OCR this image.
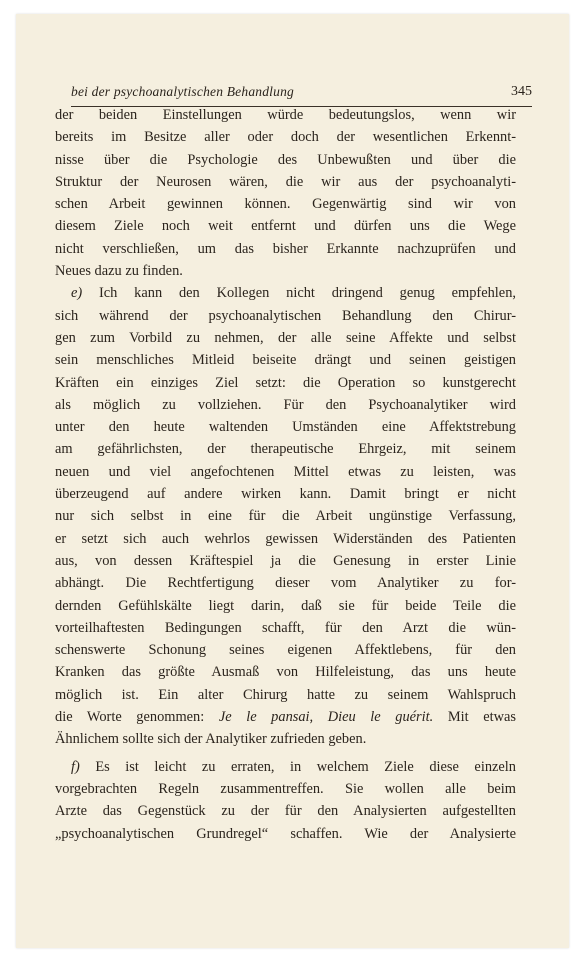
bei der psychoanalytischen Behandlung	345
der beiden Einstellungen würde bedeutungslos, wenn wir
bereits im Besitze aller oder doch der wesentlichen Erkennt-
nisse über die Psychologie des Unbewußten und über die
Struktur der Neurosen wären, die wir aus der psychoanalyti-
schen Arbeit gewinnen können. Gegenwärtig sind wir von
diesem Ziele noch weit entfernt und dürfen uns die Wege
nicht verschließen, um das bisher Erkannte nachzuprüfen und
Neues dazu zu finden.
e) Ich kann den Kollegen nicht dringend genug empfehlen,
sich während der psychoanalytischen Behandlung den Chirur-
gen zum Vorbild zu nehmen, der alle seine Affekte und selbst
sein menschliches Mitleid beiseite drängt und seinen geistigen
Kräften ein einziges Ziel setzt: die Operation so kunstgerecht
als möglich zu vollziehen. Für den Psychoanalytiker wird
unter den heute waltenden Umständen eine Affektstrebung
am gefährlichsten, der therapeutische Ehrgeiz, mit seinem
neuen und viel angefochtenen Mittel etwas zu leisten, was
überzeugend auf andere wirken kann. Damit bringt er nicht
nur sich selbst in eine für die Arbeit ungünstige Verfassung,
er setzt sich auch wehrlos gewissen Widerständen des Patienten
aus, von dessen Kräftespiel ja die Genesung in erster Linie
abhängt. Die Rechtfertigung dieser vom Analytiker zu for-
dernden Gefühlskälte liegt darin, daß sie für beide Teile die
vorteilhaftesten Bedingungen schafft, für den Arzt die wün-
schenswerte Schonung seines eigenen Affektlebens, für den
Kranken das größte Ausmaß von Hilfeleistung, das uns heute
möglich ist. Ein alter Chirurg hatte zu seinem Wahlspruch
die Worte genommen: Je le pansai, Dieu le guérit. Mit etwas
Ähnlichem sollte sich der Analytiker zufrieden geben.
f) Es ist leicht zu erraten, in welchem Ziele diese einzeln
vorgebrachten Regeln zusammentreffen. Sie wollen alle beim
Arzte das Gegenstück zu der für den Analysierten aufgestellten
„psychoanalytischen Grundregel“ schaffen. Wie der Analysierte
